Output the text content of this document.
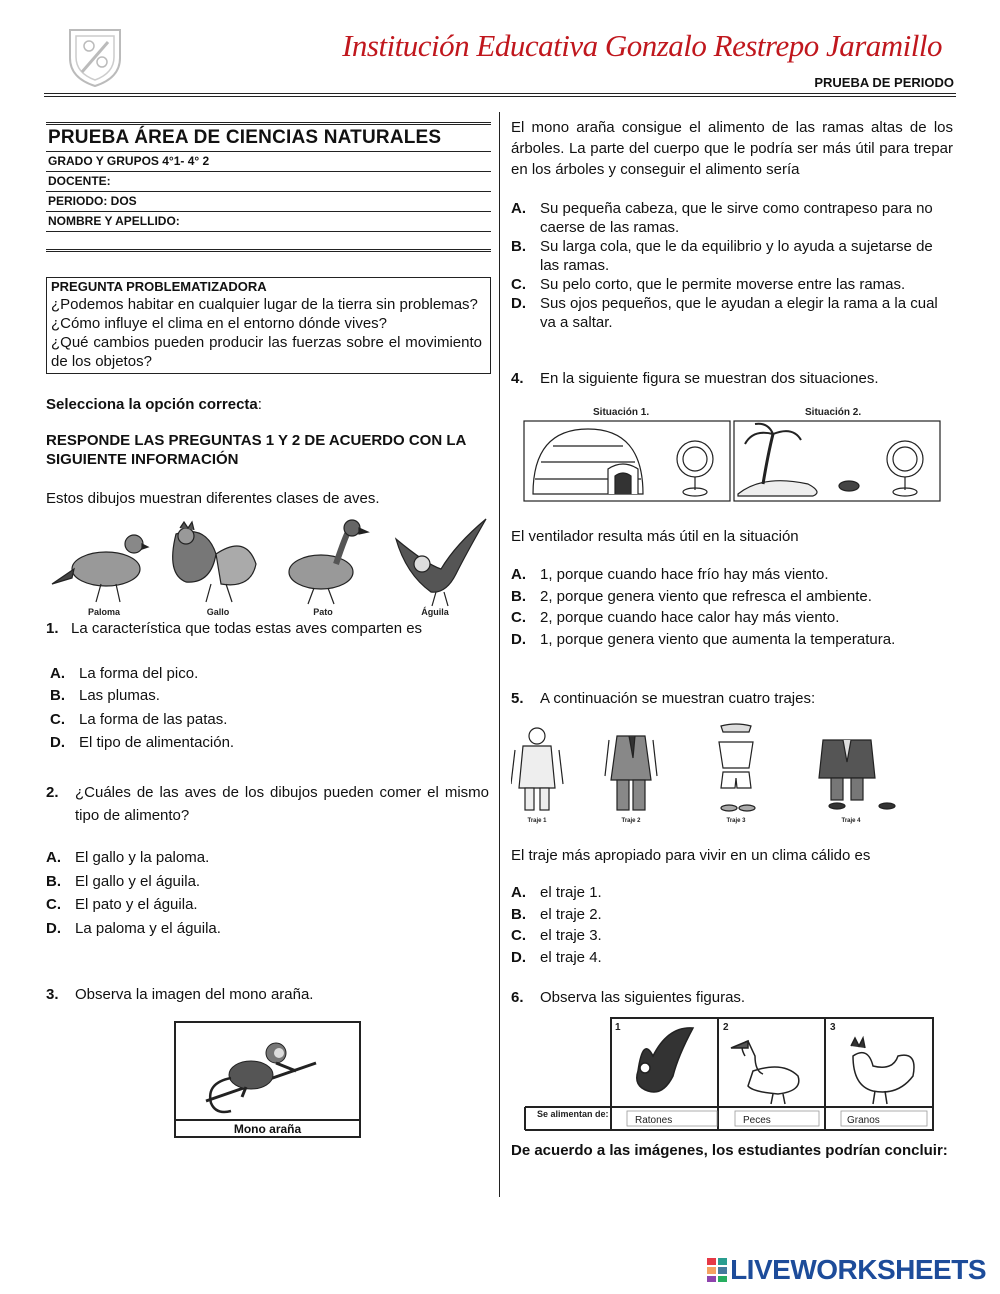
Institución Educativa Gonzalo Restrepo Jaramillo
PRUEBA DE PERIODO
PRUEBA ÁREA DE CIENCIAS NATURALES
GRADO Y GRUPOS 4°1- 4° 2
DOCENTE:
PERIODO: DOS
NOMBRE Y APELLIDO:
PREGUNTA PROBLEMATIZADORA
¿Podemos habitar en cualquier lugar de la tierra sin problemas?
¿Cómo influye el clima en el entorno dónde vives?
¿Qué cambios pueden producir las fuerzas sobre el movimiento de los objetos?
Selecciona la opción correcta:
RESPONDE LAS PREGUNTAS 1 Y 2 DE ACUERDO CON LA SIGUIENTE INFORMACIÓN
Estos dibujos muestran diferentes clases de aves.
Paloma	Gallo	Pato	Águila
1. La característica que todas estas aves comparten es
A. La forma del pico.
B. Las plumas.
C. La forma de las patas.
D. El tipo de alimentación.
2.	¿Cuáles de las aves de los dibujos pueden comer el mismo tipo de alimento?
A. El gallo y la paloma.
B. El gallo y el águila.
C. El pato y el águila.
D. La paloma y el águila.
3.	Observa la imagen del mono araña.
Mono araña
El mono araña consigue el alimento de las ramas altas de los árboles. La parte del cuerpo que le podría ser más útil para trepar en los árboles y conseguir el alimento sería
A. Su pequeña cabeza, que le sirve como contrapeso para no caerse de las ramas.
B. Su larga cola, que le da equilibrio y lo ayuda a sujetarse de las ramas.
C. Su pelo corto, que le permite moverse entre las ramas.
D. Sus ojos pequeños, que le ayudan a elegir la rama a la cual va a saltar.
4.	En la siguiente figura se muestran dos situaciones.
Situación 1.	Situación 2.
El ventilador resulta más útil en la situación
A. 1, porque cuando hace frío hay más viento.
B. 2, porque genera viento que refresca el ambiente.
C. 2, porque cuando hace calor hay más viento.
D. 1, porque genera viento que aumenta la temperatura.
5.	A continuación se muestran cuatro trajes:
Traje 1	Traje 2	Traje 3	Traje 4
El traje más apropiado para vivir en un clima cálido es
A. el traje 1.
B. el traje 2.
C. el traje 3.
D. el traje 4.
6.	Observa las siguientes figuras.
1	2	3
Se alimentan de:
Ratones	Peces	Granos
De acuerdo a las imágenes, los estudiantes podrían concluir:
LIVEWORKSHEETS
